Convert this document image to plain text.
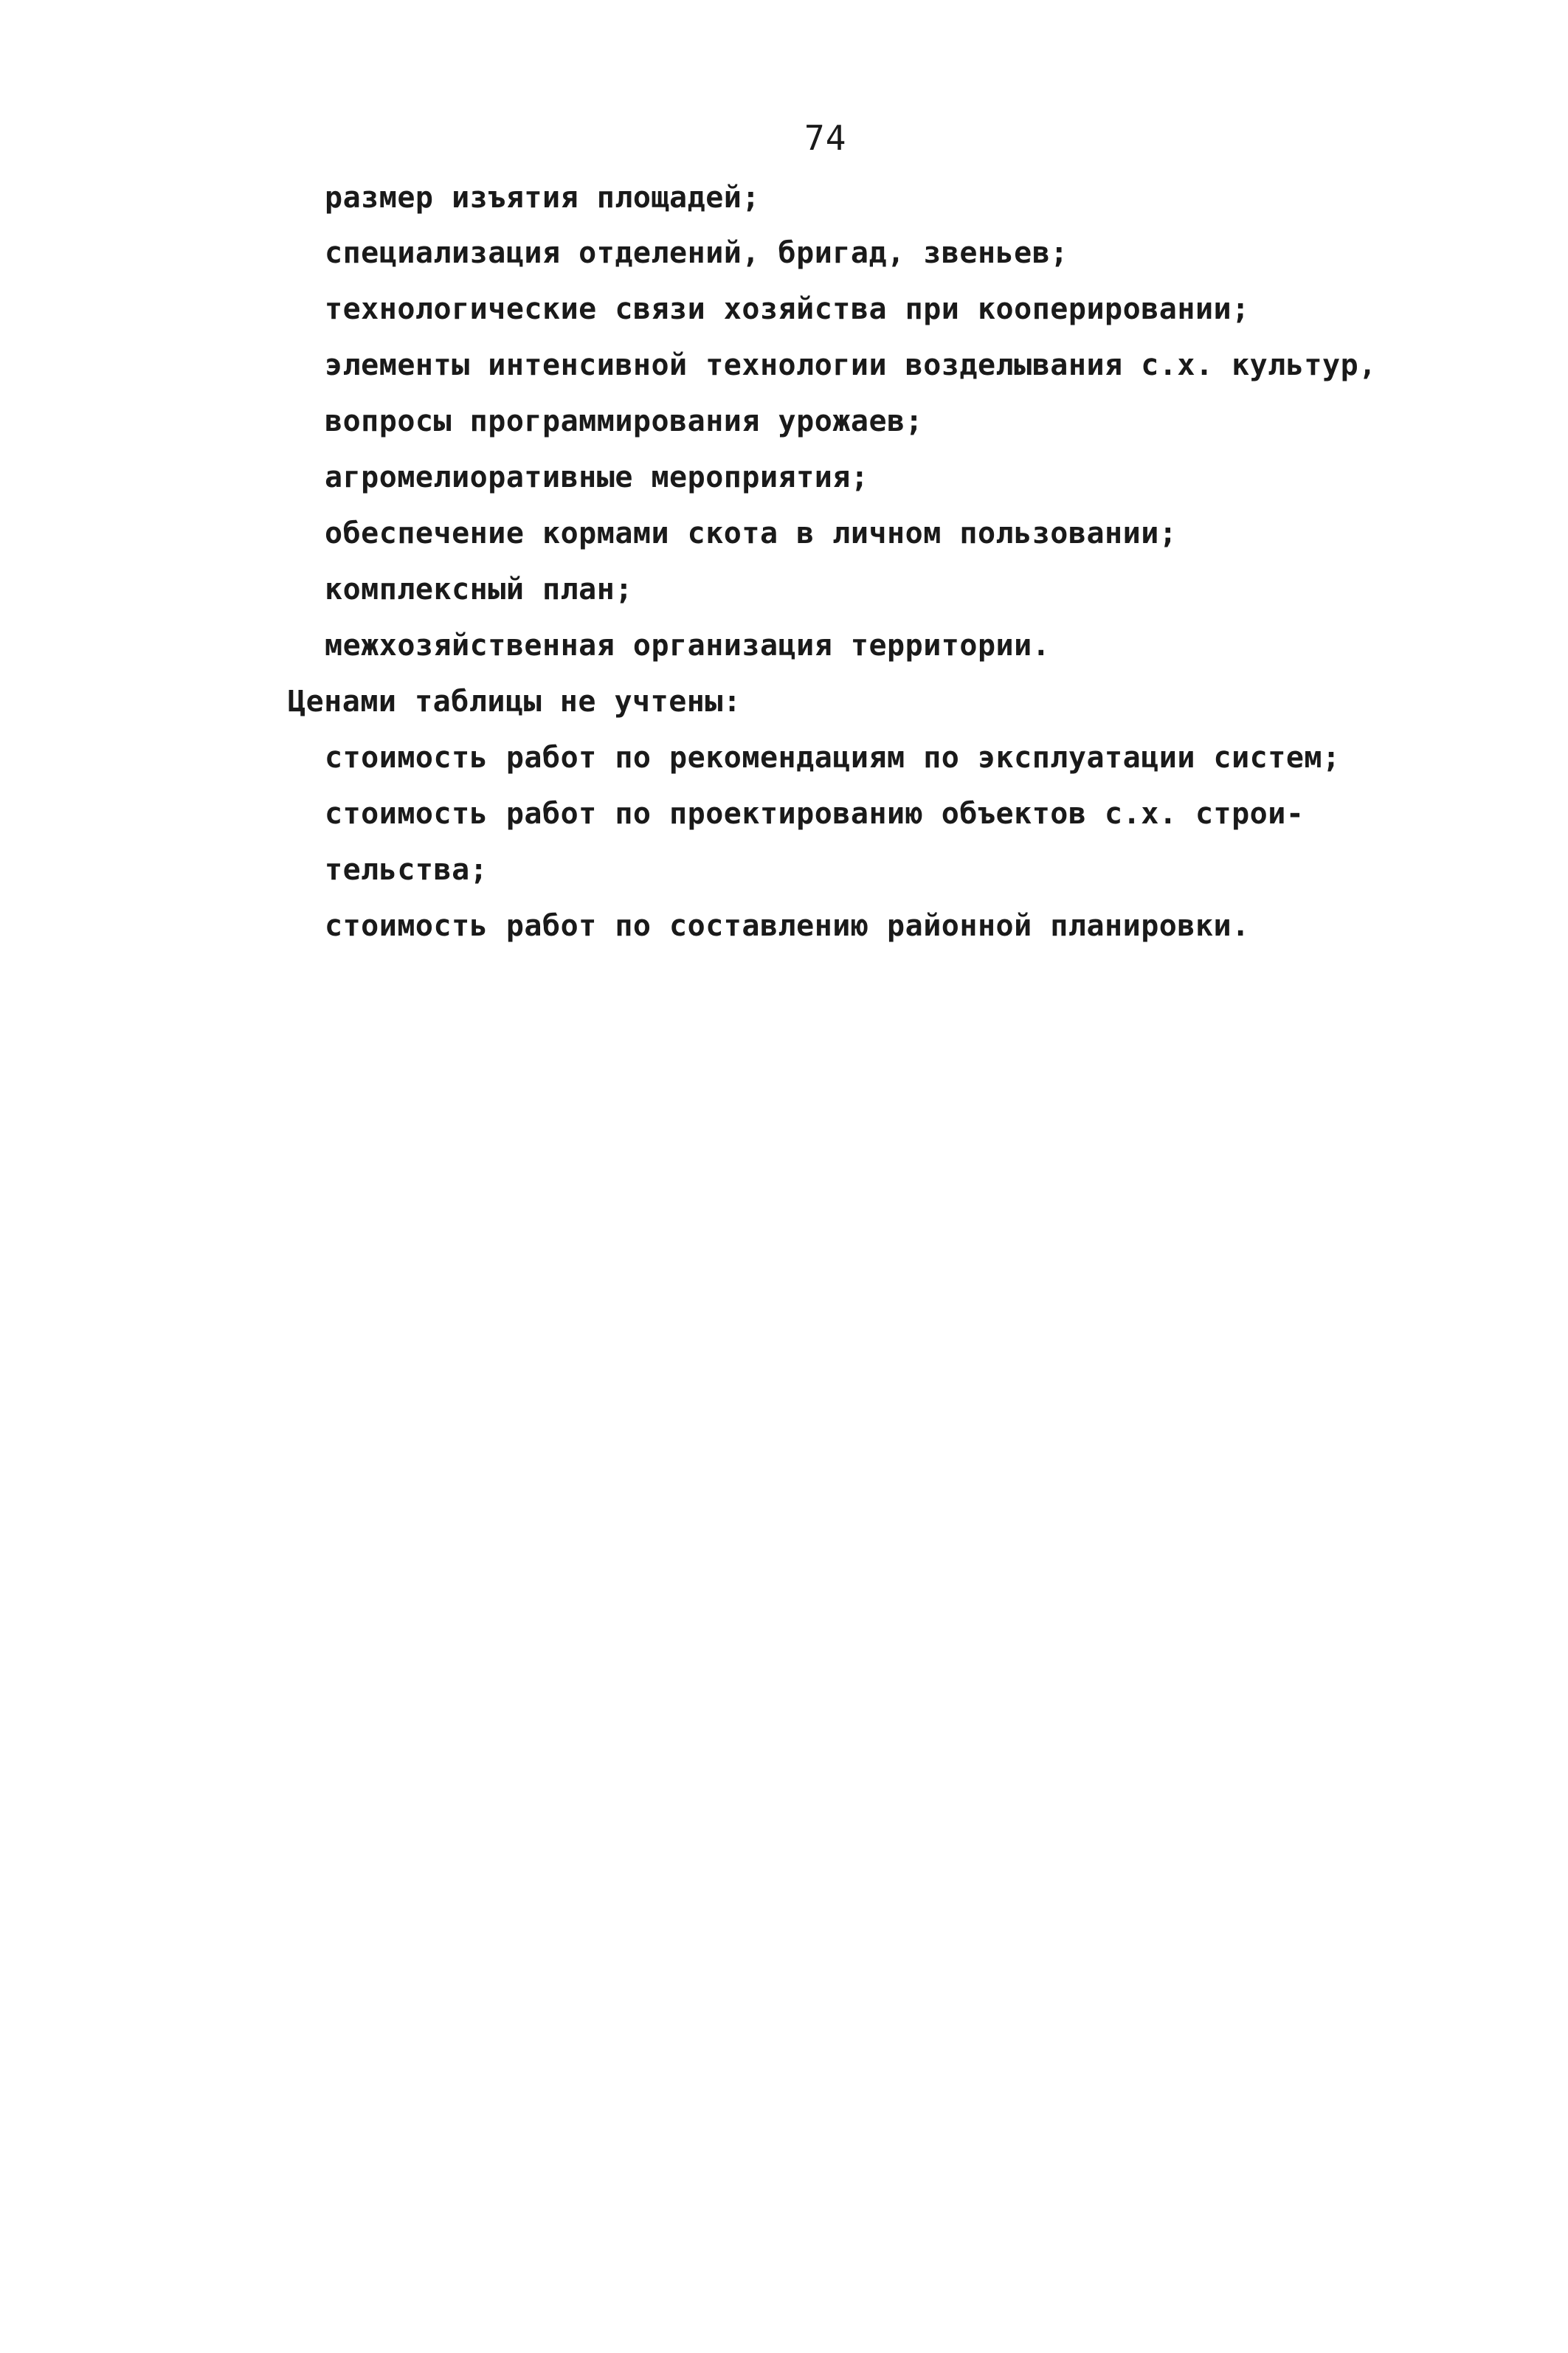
74
размер изъятия площадей;
специализация отделений, бригад, звеньев;
технологические связи хозяйства при кооперировании;
элементы интенсивной технологии возделывания с.х. культур,
вопросы программирования урожаев;
агромелиоративные мероприятия;
обеспечение кормами скота в личном пользовании;
комплексный план;
межхозяйственная организация территории.
Ценами таблицы не учтены:
стоимость работ по рекомендациям по эксплуатации систем;
стоимость работ по проектированию объектов с.х. строи-
тельства;
стоимость работ по составлению районной планировки.
